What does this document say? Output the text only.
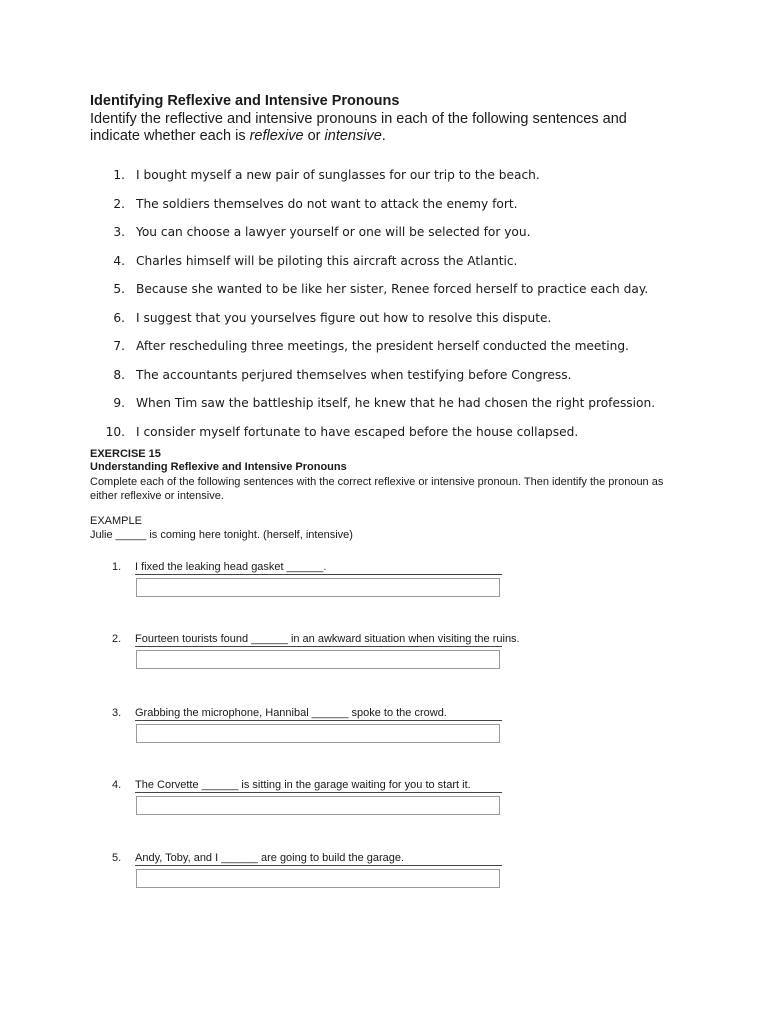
Identifying Reflexive and Intensive Pronouns

Identify the reflective and intensive pronouns in each of the following sentences and indicate whether each is reflexive or intensive.

1. I bought myself a new pair of sunglasses for our trip to the beach.
2. The soldiers themselves do not want to attack the enemy fort.
3. You can choose a lawyer yourself or one will be selected for you.
4. Charles himself will be piloting this aircraft across the Atlantic.
5. Because she wanted to be like her sister, Renee forced herself to practice each day.
6. I suggest that you yourselves figure out how to resolve this dispute.
7. After rescheduling three meetings, the president herself conducted the meeting.
8. The accountants perjured themselves when testifying before Congress.
9. When Tim saw the battleship itself, he knew that he had chosen the right profession.
10. I consider myself fortunate to have escaped before the house collapsed.
EXERCISE 15
Understanding Reflexive and Intensive Pronouns

Complete each of the following sentences with the correct reflexive or intensive pronoun. Then identify the pronoun as either reflexive or intensive.

EXAMPLE

Julie _____ is coming here tonight. (herself, intensive)

1. I fixed the leaking head gasket ______.
2. Fourteen tourists found ______ in an awkward situation when visiting the ruins.
3. Grabbing the microphone, Hannibal ______ spoke to the crowd.
4. The Corvette ______ is sitting in the garage waiting for you to start it.
5. Andy, Toby, and I ______ are going to build the garage.
